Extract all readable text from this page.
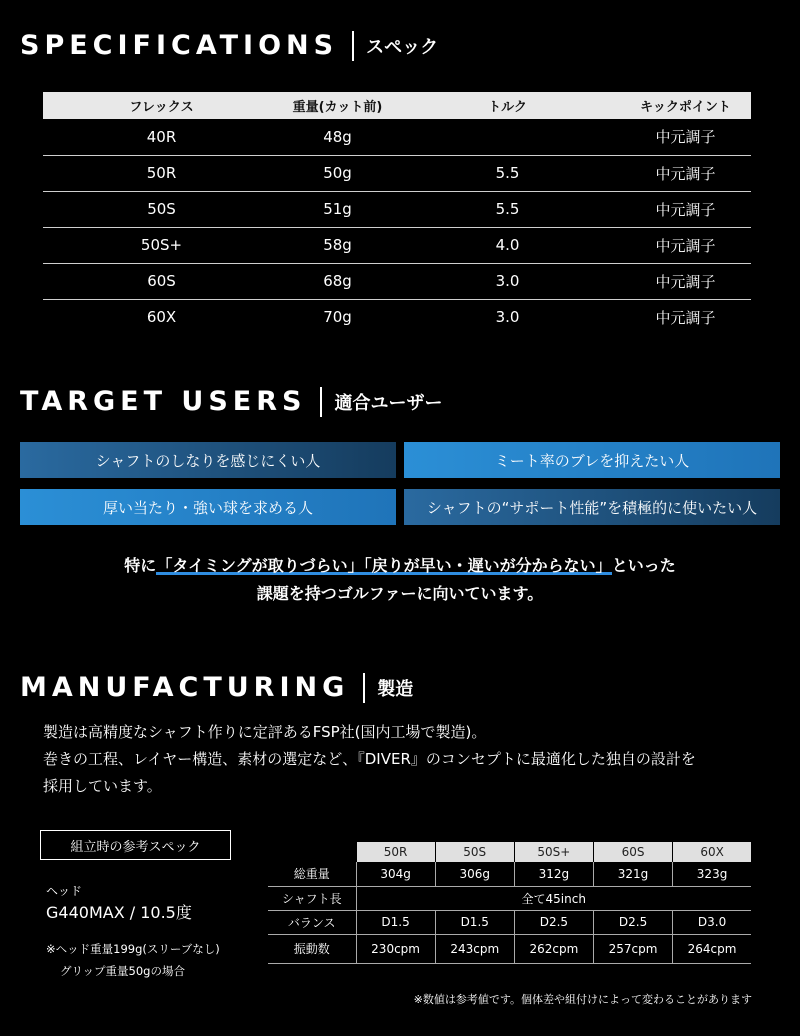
SPECIFICATIONS スペック
フレックス	重量(カット前)	トルク	キックポイント
40R	48g		中元調子
50R	50g	5.5	中元調子
50S	51g	5.5	中元調子
50S+	58g	4.0	中元調子
60S	68g	3.0	中元調子
60X	70g	3.0	中元調子
TARGET USERS 適合ユーザー
シャフトのしなりを感じにくい人	ミート率のブレを抑えたい人
厚い当たり・強い球を求める人	シャフトの“サポート性能”を積極的に使いたい人
特に「タイミングが取りづらい」「戻りが早い・遅いが分からない」といった
課題を持つゴルファーに向いています。
MANUFACTURING 製造
製造は高精度なシャフト作りに定評あるFSP社(国内工場で製造)。
巻きの工程、レイヤー構造、素材の選定など、『DIVER』のコンセプトに最適化した独自の設計を
採用しています。
組立時の参考スペック
ヘッド
G440MAX / 10.5度
※ヘッド重量199g(スリーブなし)
グリップ重量50gの場合
	50R	50S	50S+	60S	60X
総重量	304g	306g	312g	321g	323g
シャフト長	全て45inch				
バランス	D1.5	D1.5	D2.5	D2.5	D3.0
振動数	230cpm	243cpm	262cpm	257cpm	264cpm
※数値は参考値です。個体差や組付けによって変わることがあります
